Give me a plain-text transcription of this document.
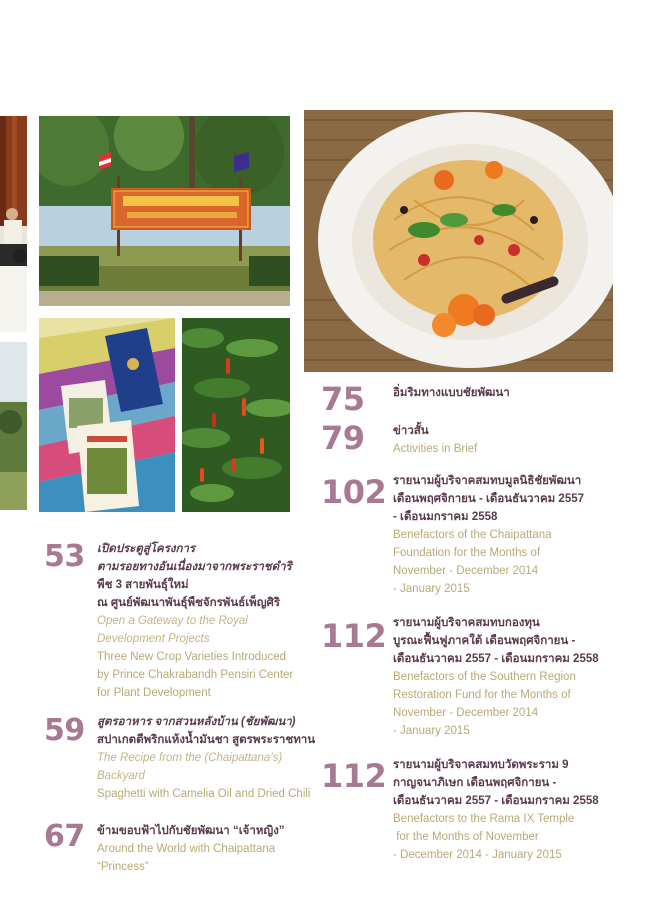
53 เปิดประตูสู่โครงการ
ตามรอยทางอันเนื่องมาจากพระราชดำริ
พืช 3 สายพันธุ์ใหม่
ณ ศูนย์พัฒนาพันธุ์พืชจักรพันธ์เพ็ญศิริ
Open a Gateway to the Royal
Development Projects
Three New Crop Varieties Introduced
by Prince Chakrabandh Pensiri Center
for Plant Development
59 สูตรอาหาร จากสวนหลังบ้าน (ชัยพัฒนา)
สปาเกตตีพริกแห้งน้ำมันชา สูตรพระราชทาน
The Recipe from the (Chaipattana’s)
Backyard
Spaghetti with Camelia Oil and Dried Chili
67 ข้ามขอบฟ้าไปกับชัยพัฒนา “เจ้าหญิง”
Around the World with Chaipattana
“Princess”
75 อิ่มริมทางแบบชัยพัฒนา
79 ข่าวสั้น
Activities in Brief
102 รายนามผู้บริจาคสมทบมูลนิธิชัยพัฒนา
เดือนพฤศจิกายน - เดือนธันวาคม 2557
- เดือนมกราคม 2558
Benefactors of the Chaipattana
Foundation for the Months of
November - December 2014
- January 2015
112 รายนามผู้บริจาคสมทบกองทุน
บูรณะฟื้นฟูภาคใต้ เดือนพฤศจิกายน -
เดือนธันวาคม 2557 - เดือนมกราคม 2558
Benefactors of the Southern Region
Restoration Fund for the Months of
November - December 2014
- January 2015
112 รายนามผู้บริจาคสมทบวัดพระราม 9
กาญจนาภิเษก เดือนพฤศจิกายน -
เดือนธันวาคม 2557 - เดือนมกราคม 2558
Benefactors to the Rama IX Temple
for the Months of November
- December 2014 - January 2015
